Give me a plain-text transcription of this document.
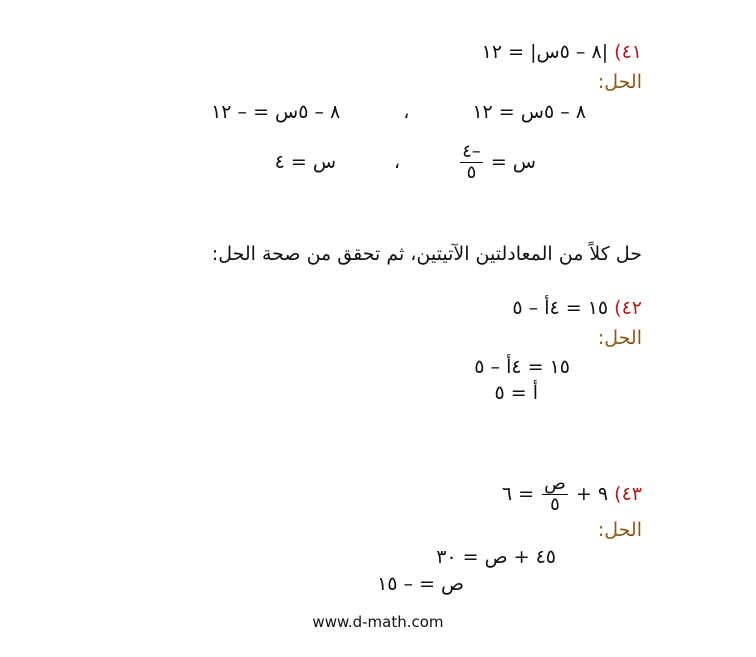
٤١) |٨ – ٥س| = ١٢
الحل:
٨ – ٥س = ١٢ ، ٨ – ٥س = – ١٢
س =
$\frac{-٤}{٥}$
، س = ٤
حل كلاً من المعادلتين الآتيتين، ثم تحقق من صحة الحل:
٤٢) ١٥ = ٤أ – ٥
الحل:
١٥ = ٤أ – ٥
أ = ٥
٤٣) ٩ +
$\frac{\text{ص}}{٥}$
= ٦
الحل:
٤٥ + ص = ٣٠
ص = – ١٥
www.d-math.com
